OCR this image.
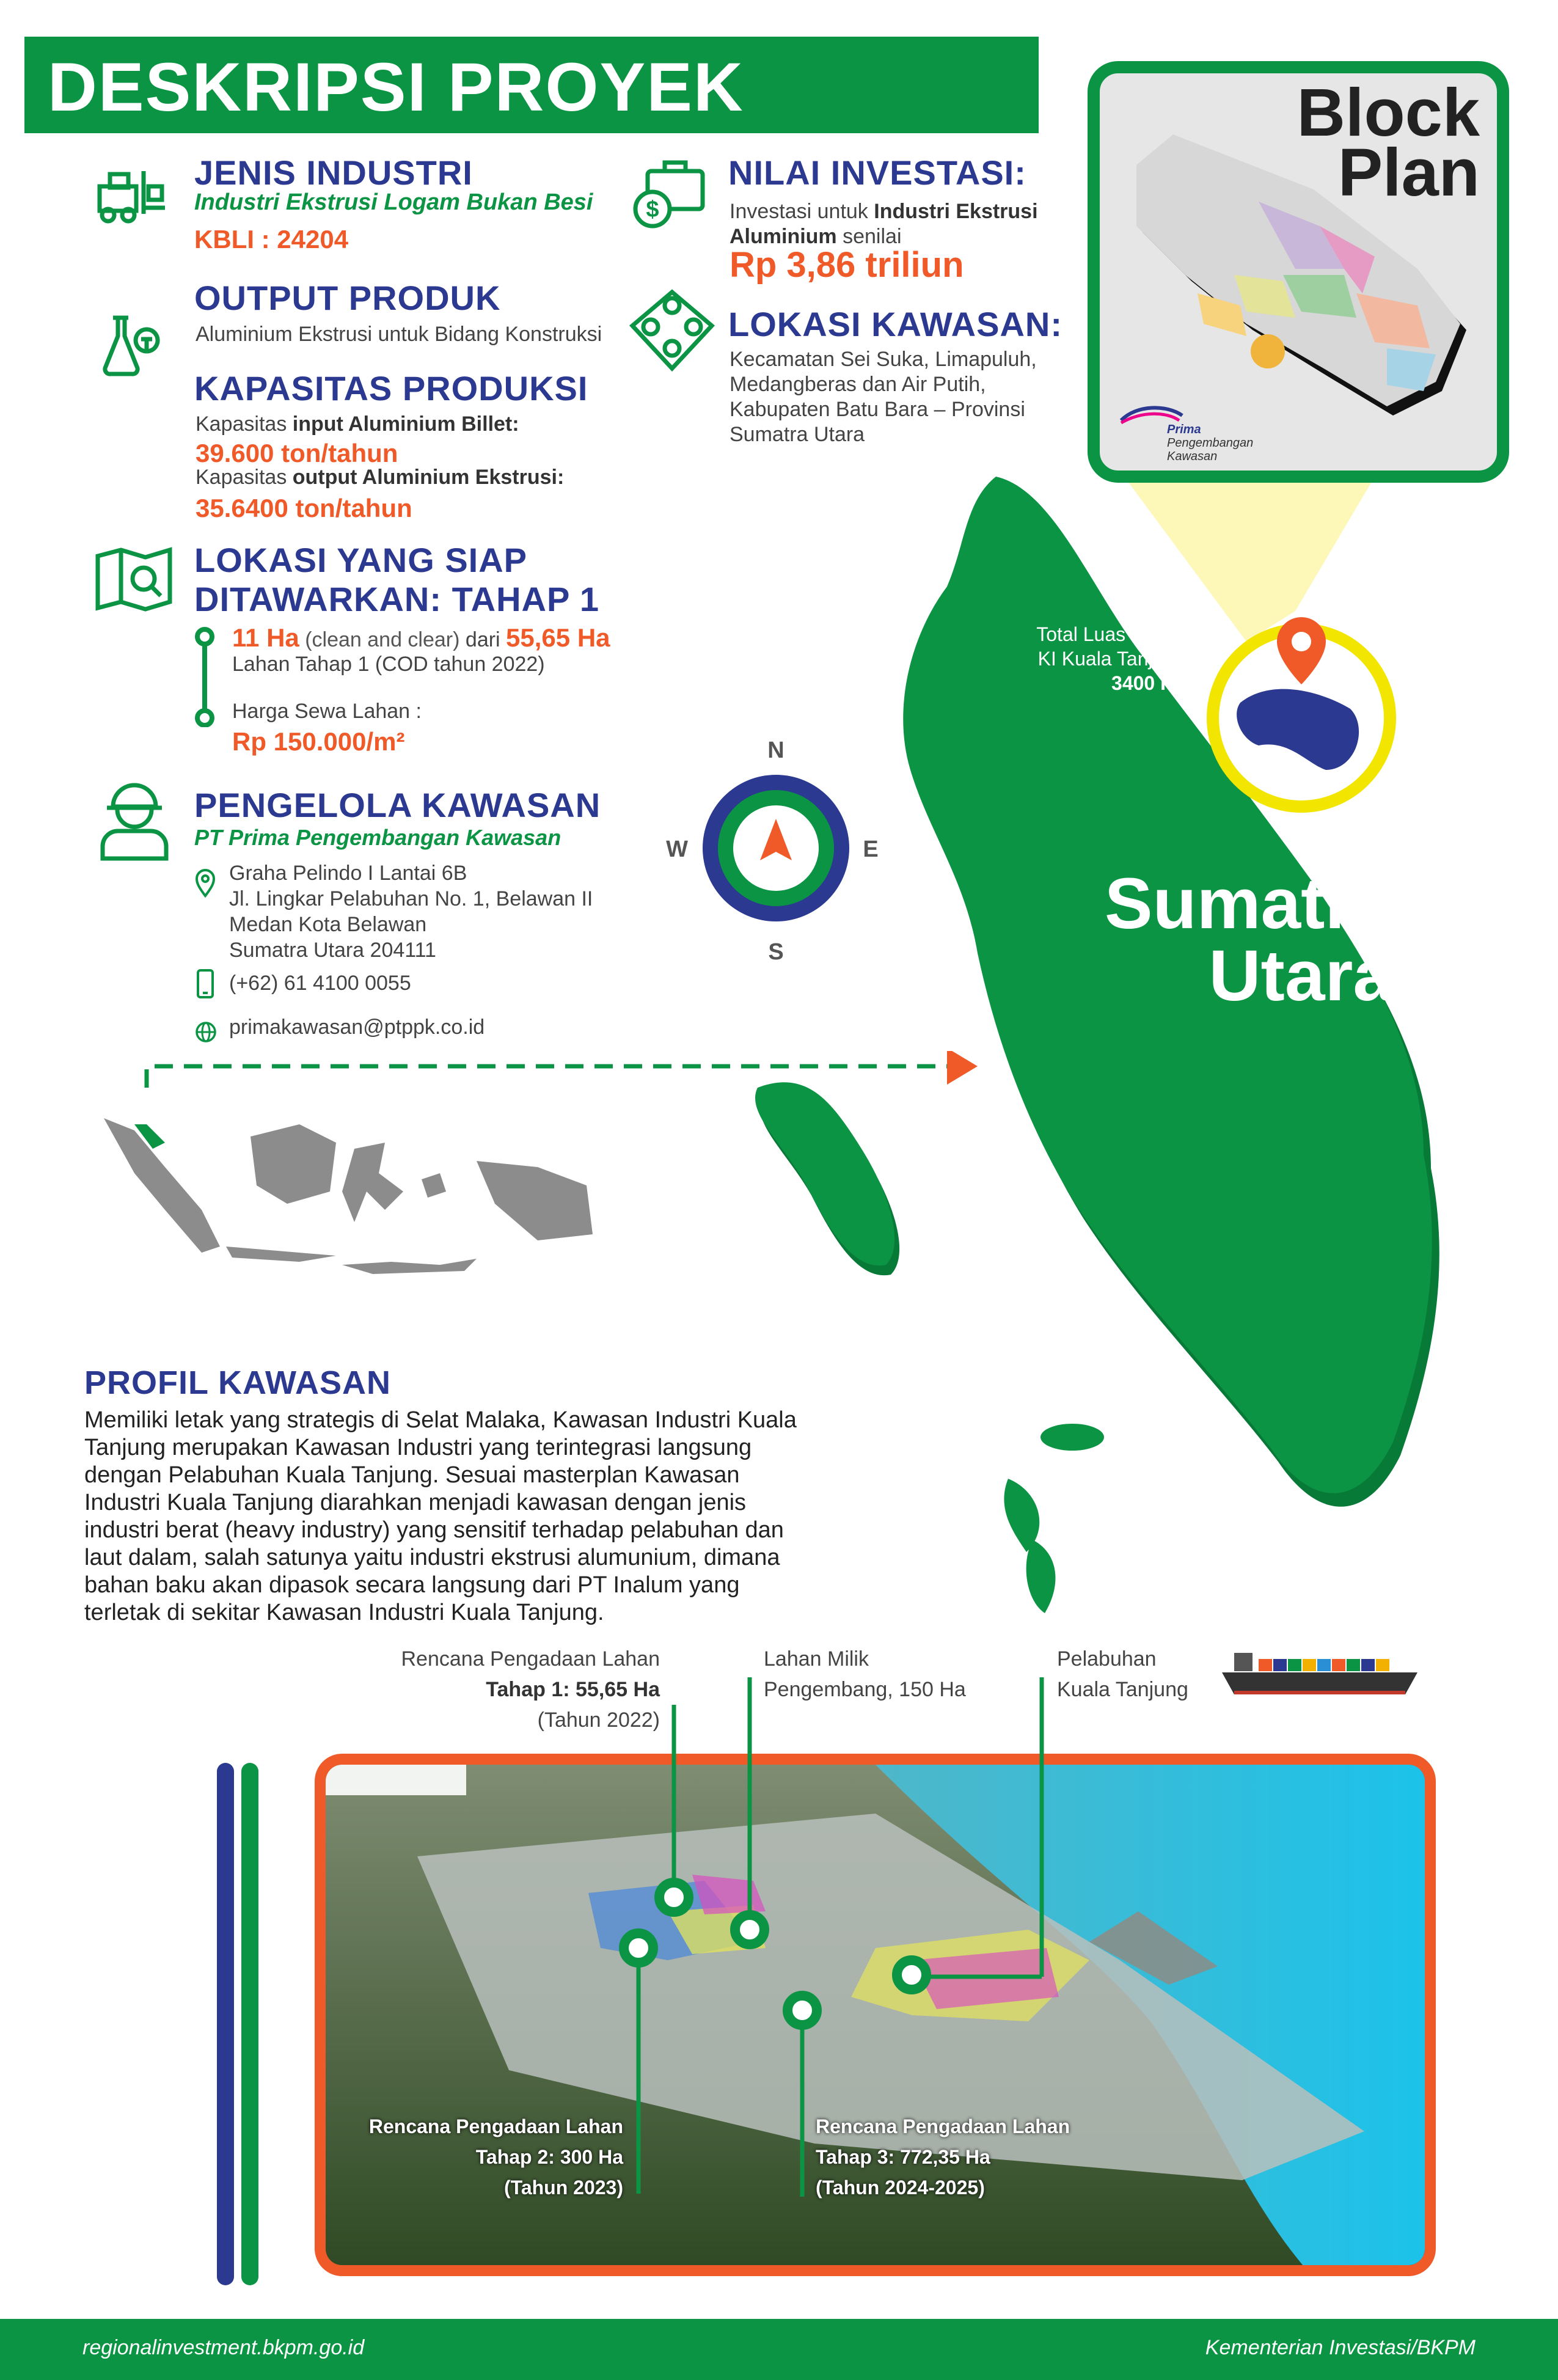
DESKRIPSI PROYEK
JENIS INDUSTRI
Industri Ekstrusi Logam Bukan Besi
KBLI : 24204
OUTPUT PRODUK
Aluminium Ekstrusi untuk Bidang Konstruksi
KAPASITAS PRODUKSI
Kapasitas input Aluminium Billet:
39.600 ton/tahun
Kapasitas output Aluminium Ekstrusi:
35.6400 ton/tahun
$
NILAI INVESTASI:
Investasi untuk Industri Ekstrusi
Aluminium senilai
Rp 3,86 triliun
LOKASI KAWASAN:
Kecamatan Sei Suka, Limapuluh,
Medangberas dan Air Putih,
Kabupaten Batu Bara – Provinsi
Sumatra Utara
LOKASI YANG SIAP
DITAWARKAN: TAHAP 1
11 Ha (clean and clear) dari 55,65 Ha
Lahan Tahap 1 (COD tahun 2022)
Harga Sewa Lahan :
Rp 150.000/m²
PENGELOLA KAWASAN
PT Prima Pengembangan Kawasan
Graha Pelindo I Lantai 6B
Jl. Lingkar Pelabuhan No. 1, Belawan II
Medan Kota Belawan
Sumatra Utara 204111
(+62) 61 4100 0055
primakawasan@ptppk.co.id
N
S
E
W
Total Luas Lahan
KI Kuala Tanjung
3400 Ha
Sumatra
Utara
Block
Plan
Prima
Pengembangan
Kawasan
PROFIL KAWASAN
Memiliki letak yang strategis di Selat Malaka, Kawasan Industri Kuala
Tanjung merupakan Kawasan Industri yang terintegrasi langsung
dengan Pelabuhan Kuala Tanjung. Sesuai masterplan Kawasan
Industri Kuala Tanjung diarahkan menjadi kawasan dengan jenis
industri berat (heavy industry) yang sensitif terhadap pelabuhan dan
laut dalam, salah satunya yaitu industri ekstrusi alumunium, dimana
bahan baku akan dipasok secara langsung dari PT Inalum yang
terletak di sekitar Kawasan Industri Kuala Tanjung.
Rencana Pengadaan Lahan
Tahap 1: 55,65 Ha
(Tahun 2022)
Lahan Milik
Pengembang, 150 Ha
Pelabuhan
Kuala Tanjung
Rencana Pengadaan Lahan
Tahap 2: 300 Ha
(Tahun 2023)
Rencana Pengadaan Lahan
Tahap 3: 772,35 Ha
(Tahun 2024-2025)
regionalinvestment.bkpm.go.id	Kementerian Investasi/BKPM
